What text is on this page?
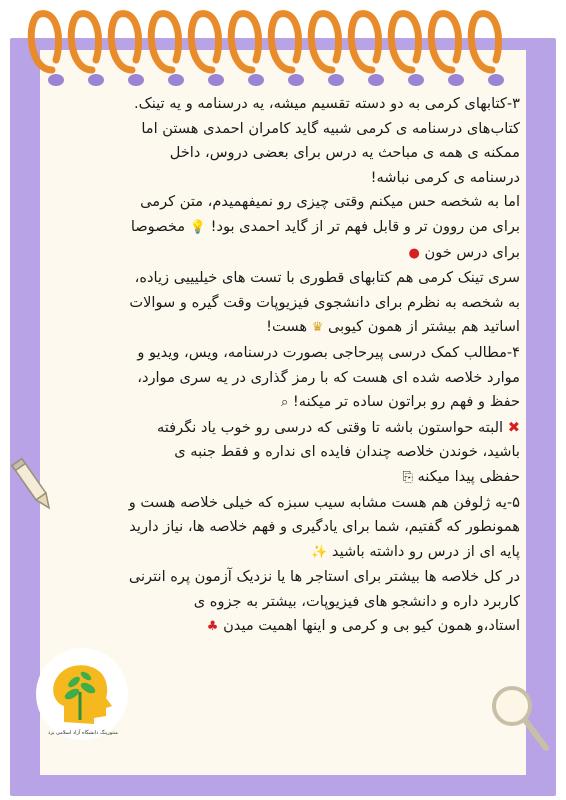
۳-کتابهای کرمی به دو دسته تقسیم میشه، یه درسنامه و یه تینک.

کتاب‌های درسنامه ی کرمی شبیه گاید کامران احمدی هستن اما

ممکنه ی همه ی مباحث یه درس برای بعضی دروس، داخل

درسنامه ی کرمی نباشه!

اما به شخصه حس میکنم وقتی چیزی رو نمیفهمیدم، متن کرمی

برای من روون تر و قابل فهم تر از گاید احمدی بود! 💡 مخصوصا

برای درس خون ●

سری تینک کرمی هم کتابهای قطوری با تست های خیلیییی زیاده،

به شخصه به نظرم برای دانشجوی فیزیوپات وقت گیره و سوالات

اساتید هم بیشتر از همون کیوبی ♛ هست!

۴-مطالب کمک درسی پیرحاجی بصورت درسنامه، ویس، ویدیو و

موارد خلاصه شده ای هست که با رمز گذاری در یه سری موارد،

حفظ و فهم رو براتون ساده تر میکنه! ⌕

✖ البته حواستون باشه تا وقتی که درسی رو خوب یاد نگرفته

باشید، خوندن خلاصه چندان فایده ای نداره و فقط جنبه ی

حفظی پیدا میکنه ⎘

۵-یه ژلوفن هم هست مشابه سیب سبزه که خیلی خلاصه هست و

همونطور که گفتیم، شما برای یادگیری و فهم خلاصه ها، نیاز دارید

پایه ای از درس رو داشته باشید ✨

در کل خلاصه ها بیشتر برای استاجر ها یا نزدیک آزمون پره انترنی

کاربرد داره و دانشجو های فیزیوپات، بیشتر به جزوه ی

استاد،و همون کیو بی و کرمی و اینها اهمیت میدن ♣

منتورینگ دانشگاه آزاد اسلامی یزد
